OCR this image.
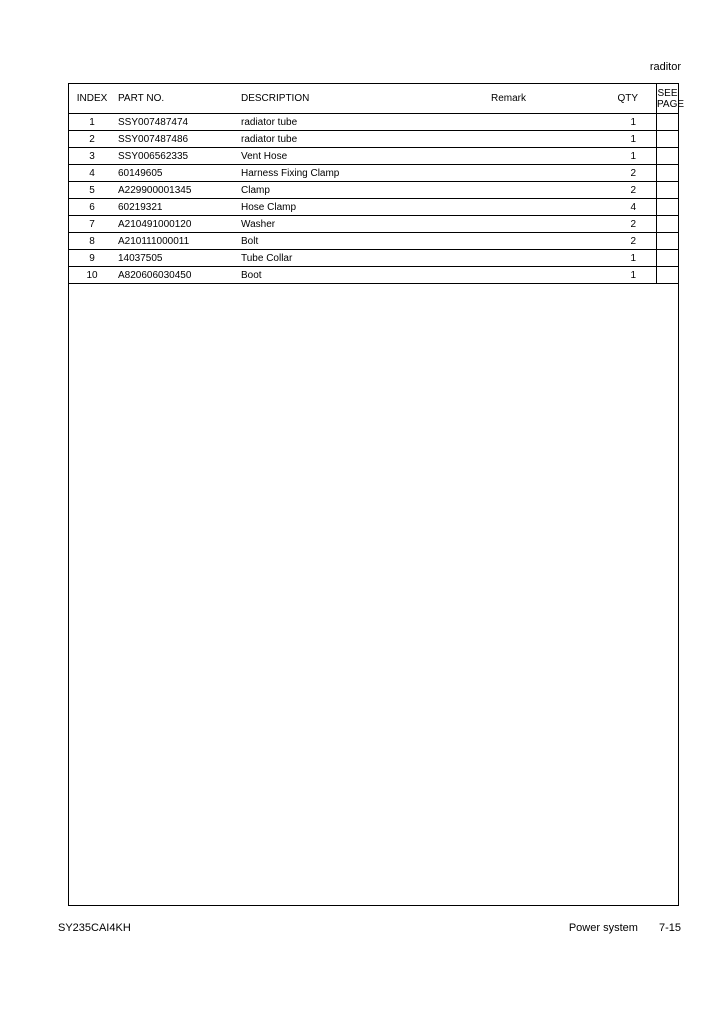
raditor
INDEX	PART NO.	DESCRIPTION	Remark	QTY	SEE
PAGE
1	SSY007487474	radiator tube		1	
2	SSY007487486	radiator tube		1	
3	SSY006562335	Vent Hose		1	
4	60149605	Harness Fixing Clamp		2	
5	A229900001345	Clamp		2	
6	60219321	Hose Clamp		4	
7	A210491000120	Washer		2	
8	A210111000011	Bolt		2	
9	14037505	Tube Collar		1	
10	A820606030450	Boot		1	
SY235CAI4KH	Power system 7-15
